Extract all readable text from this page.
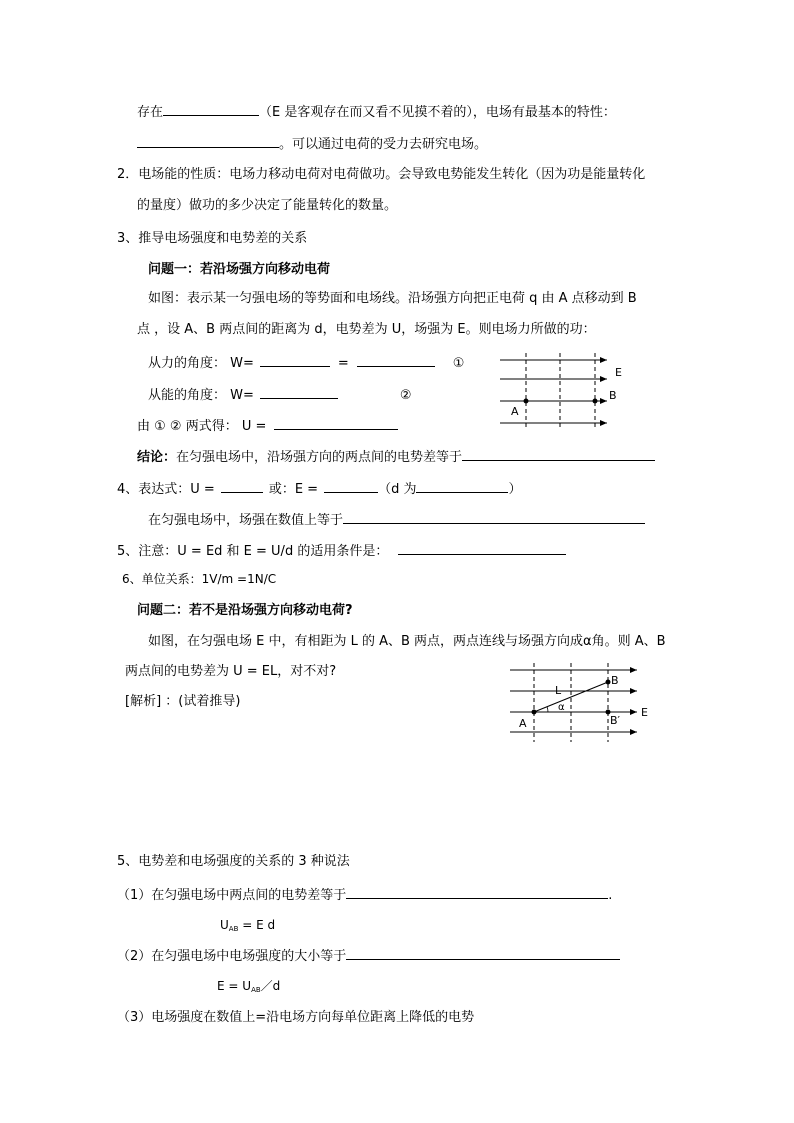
存在	（E 是客观存在而又看不见摸不着的），电场有最基本的特性：
。可以通过电荷的受力去研究电场。
2．电场能的性质：电场力移动电荷对电荷做功。会导致电势能发生转化（因为功是能量转化
的量度）做功的多少决定了能量转化的数量。
3、推导电场强度和电势差的关系
问题一：若沿场强方向移动电荷
如图：表示某一匀强电场的等势面和电场线。沿场强方向把正电荷 q 由 A 点移动到 B
点 ，设 A、B 两点间的距离为 d，电势差为 U，场强为 E。则电场力所做的功：
从力的角度： W=	=	①
从能的角度： W=	②
由 ① ② 两式得： U =
结论：在匀强电场中，沿场强方向的两点间的电势差等于
4、表达式：U =	或：E =	（d 为	）
在匀强电场中，场强在数值上等于
5、注意：U = Ed 和 E = U/d 的适用条件是：
6、单位关系：1V/m =1N/C
问题二：若不是沿场强方向移动电荷?
如图，在匀强电场 E 中，有相距为 L 的 A、B 两点，两点连线与场强方向成α角。则 A、B
两点间的电势差为 U = EL，对不对?
[解析] ：(试着推导)
5、电势差和电场强度的关系的 3 种说法
（1）在匀强电场中两点间的电势差等于	.
$U_{AB} = E$ d
（2）在匀强电场中电场强度的大小等于
$E = U_{AB}/d$
（3）电场强度在数值上=沿电场方向每单位距离上降低的电势
E
A
B
B
L
α
A	B′
E
